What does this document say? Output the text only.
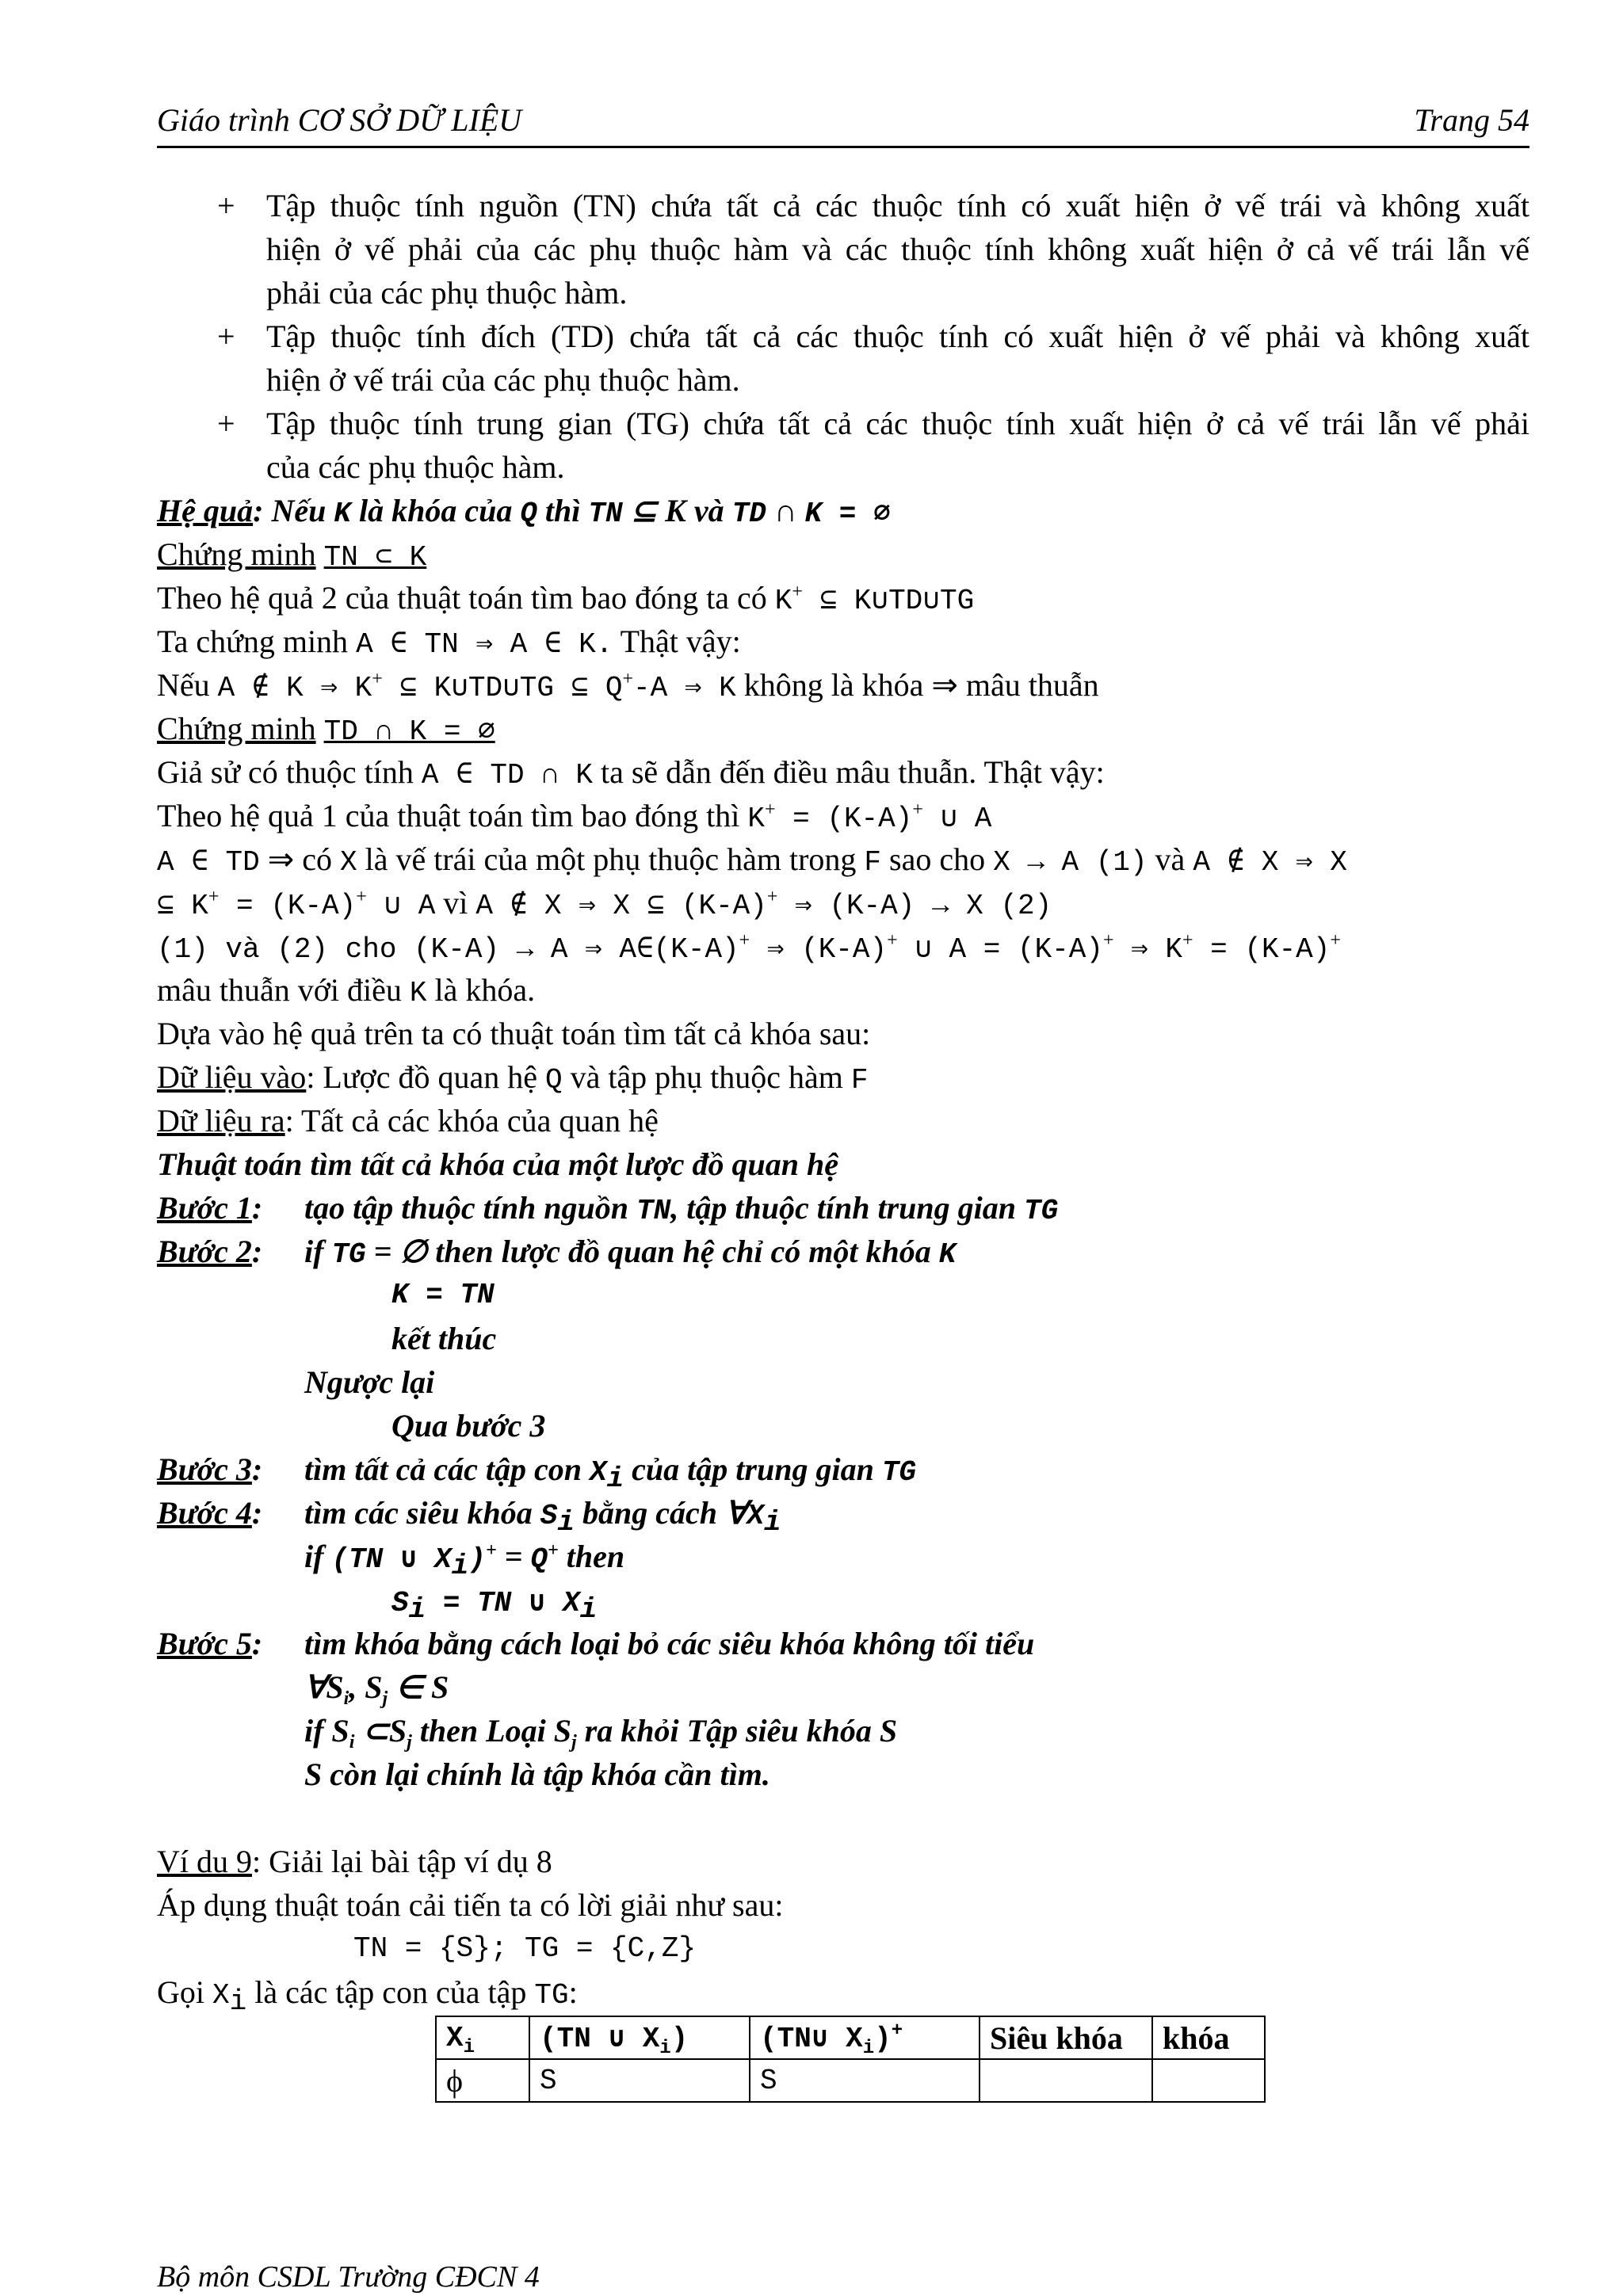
Giáo trình CƠ SỞ DỮ LIỆU	Trang 54
+ Tập thuộc tính nguồn (TN) chứa tất cả các thuộc tính có xuất hiện ở vế trái và không xuất
hiện ở vế phải của các phụ thuộc hàm và các thuộc tính không xuất hiện ở cả vế trái lẫn vế
phải của các phụ thuộc hàm.
+ Tập thuộc tính đích (TD) chứa tất cả các thuộc tính có xuất hiện ở vế phải và không xuất
hiện ở vế trái của các phụ thuộc hàm.
+ Tập thuộc tính trung gian (TG) chứa tất cả các thuộc tính xuất hiện ở cả vế trái lẫn vế phải
của các phụ thuộc hàm.
Hệ quả: Nếu K là khóa của Q thì TN ⊆ K và TD ∩ K = ∅
Chứng minh TN ⊂ K
Theo hệ quả 2 của thuật toán tìm bao đóng ta có K+ ⊆ K∪TD∪TG
Ta chứng minh A ∈ TN ⇒ A ∈ K. Thật vậy:
Nếu A ∉ K ⇒ K+ ⊆ K∪TD∪TG ⊆ Q+-A ⇒ K không là khóa ⇒ mâu thuẫn
Chứng minh TD ∩ K = ∅
Giả sử có thuộc tính A ∈ TD ∩ K ta sẽ dẫn đến điều mâu thuẫn. Thật vậy:
Theo hệ quả 1 của thuật toán tìm bao đóng thì K+ = (K-A)+ ∪ A
A ∈ TD ⇒ có X là vế trái của một phụ thuộc hàm trong F sao cho X → A (1) và A ∉ X ⇒ X
⊆ K+ = (K-A)+ ∪ A vì A ∉ X ⇒ X ⊆ (K-A)+ ⇒ (K-A) → X (2)
(1) và (2) cho (K-A) → A ⇒ A∈(K-A)+ ⇒ (K-A)+ ∪ A = (K-A)+ ⇒ K+ = (K-A)+
mâu thuẫn với điều K là khóa.
Dựa vào hệ quả trên ta có thuật toán tìm tất cả khóa sau:
Dữ liệu vào: Lược đồ quan hệ Q và tập phụ thuộc hàm F
Dữ liệu ra: Tất cả các khóa của quan hệ
Thuật toán tìm tất cả khóa của một lược đồ quan hệ
Bước 1: tạo tập thuộc tính nguồn TN, tập thuộc tính trung gian TG
Bước 2: if TG = ∅ then lược đồ quan hệ chỉ có một khóa K
K = TN
kết thúc
Ngược lại
Qua bước 3
Bước 3: tìm tất cả các tập con $X_i$ của tập trung gian TG
Bước 4: tìm các siêu khóa $S_i$ bằng cách $\forall X_i$
if (TN ∪ $X_i)^+ = Q^+$ then
$S_i$ = TN ∪ $X_i$
Bước 5: tìm khóa bằng cách loại bỏ các siêu khóa không tối tiểu
$\forall S_i$, $S_j$ ∈ S
if $S_i$ $\subset S_j$ then Loại $S_j$ ra khỏi Tập siêu khóa S
S còn lại chính là tập khóa cần tìm.
Ví du 9: Giải lại bài tập ví dụ 8
Áp dụng thuật toán cải tiến ta có lời giải như sau:
TN = {S}; TG = {C,Z}
Gọi $X_i$ là các tập con của tập TG:
$X_i$	(TN ∪ $X_i$)	(TN∪ $X_i)^+$	Siêu khóa	khóa
ϕ	S	S		
Bộ môn CSDL Trường CĐCN 4
